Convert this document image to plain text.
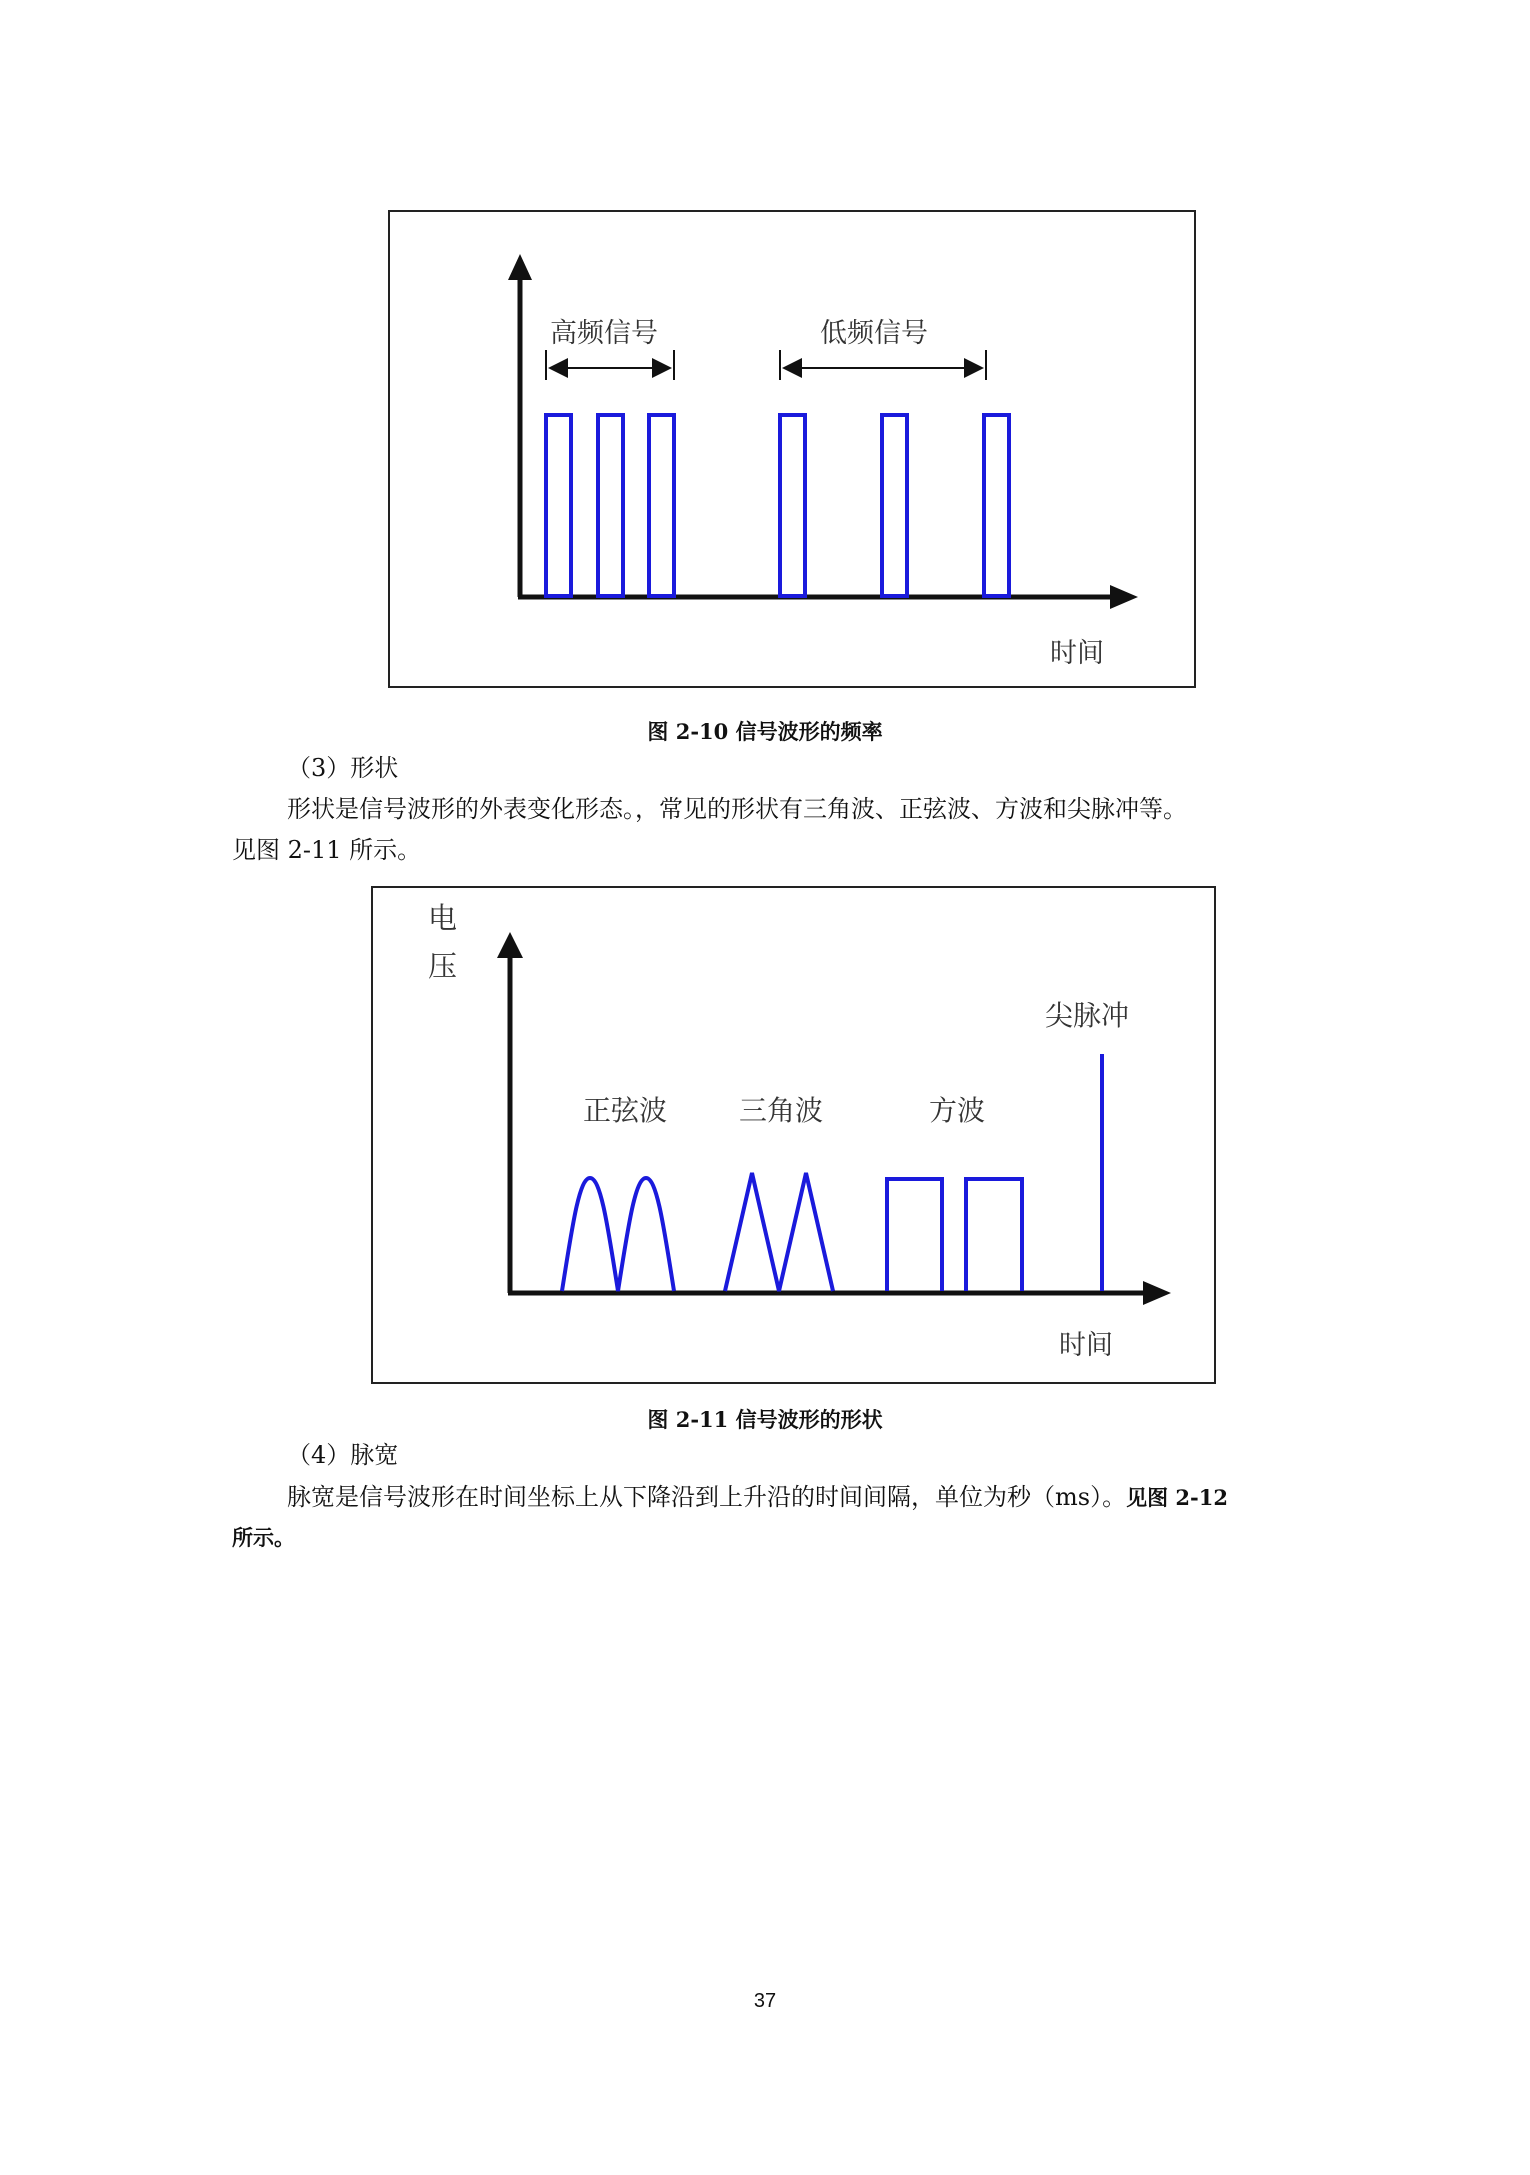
高频信号	低频信号
时间
图 2-10 信号波形的频率
（3）形状
形状是信号波形的外表变化形态。，常见的形状有三角波、正弦波、方波和尖脉冲等。
见图 2-11 所示。
电
压
正弦波	三角波	方波
尖脉冲
时间
图 2-11 信号波形的形状
（4）脉宽
脉宽是信号波形在时间坐标上从下降沿到上升沿的时间间隔，单位为秒（ms）。见图 2-12
所示。
37
